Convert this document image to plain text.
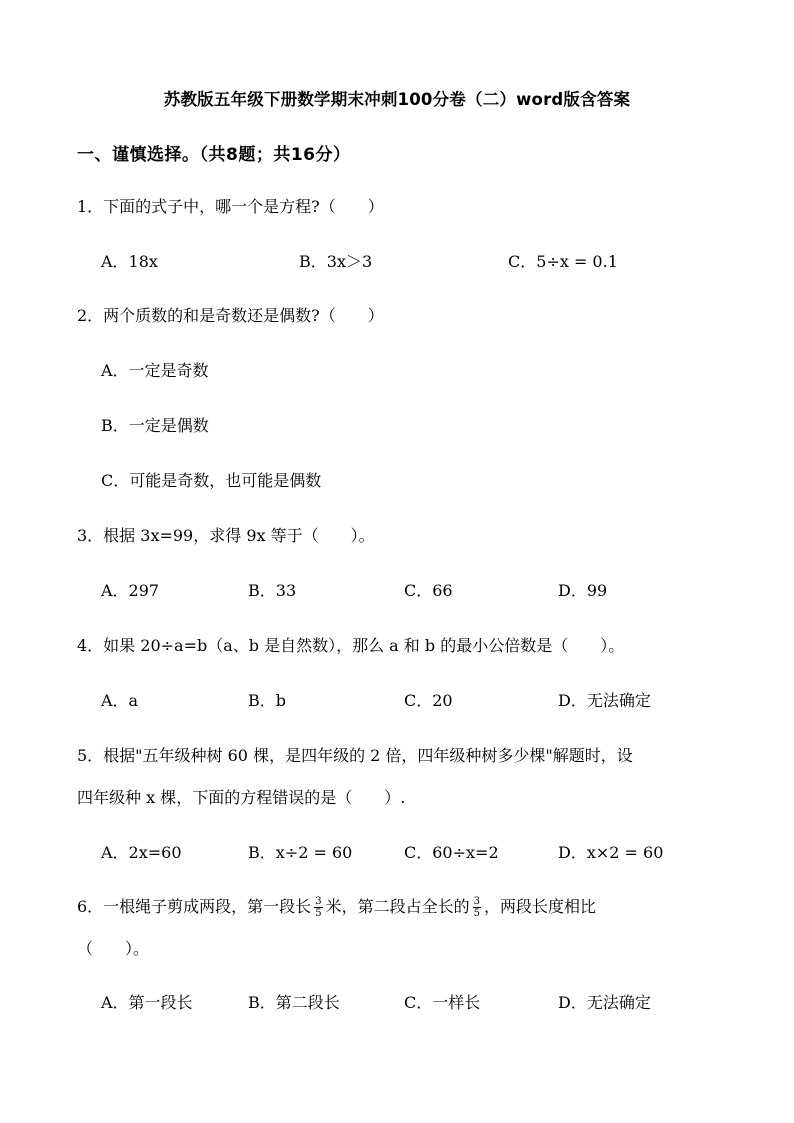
苏教版五年级下册数学期末冲刺100分卷（二）word版含答案
一、谨慎选择。（共8题；共16分）
1．下面的式子中，哪一个是方程?（　　）
A．18x	B．3x＞3	C．5÷x = 0.1
2．两个质数的和是奇数还是偶数?（　　）
A．一定是奇数
B．一定是偶数
C．可能是奇数，也可能是偶数
3．根据 3x=99，求得 9x 等于（　　）。
A．297	B．33	C．66	D．99
4．如果 20÷a=b（a、b 是自然数），那么 a 和 b 的最小公倍数是（　　）。
A．a	B．b	C．20	D．无法确定
5．根据"五年级种树 60 棵，是四年级的 2 倍，四年级种树多少棵"解题时，设
四年级种 x 棵，下面的方程错误的是（　　）.
A．2x=60	B．x÷2 = 60	C．60÷x=2	D．x×2 = 60
6．一根绳子剪成两段，第一段长 $\frac{3}{5}$ 米，第二段占全长的 $\frac{3}{5}$ ，两段长度相比
（　　）。
A．第一段长	B．第二段长	C．一样长	D．无法确定
